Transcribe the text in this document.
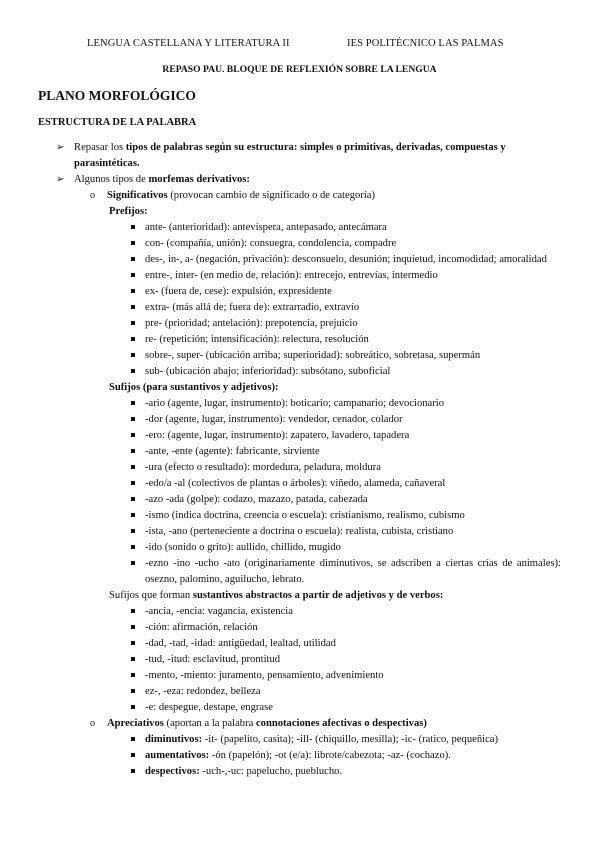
LENGUA CASTELLANA Y LITERATURA II	IES POLITÉCNICO LAS PALMAS
REPASO PAU. BLOQUE DE REFLEXIÓN SOBRE LA LENGUA
PLANO MORFOLÓGICO
ESTRUCTURA DE LA PALABRA
➢ Repasar los tipos de palabras según su estructura: simples o primitivas, derivadas, compuestas y parasintéticas.
➢ Algunos tipos de morfemas derivativos:
o Significativos (provocan cambio de significado o de categoría)
Prefijos:
ante- (anterioridad): antevíspera, antepasado, antecámara
con- (compañía, unión): consuegra, condolencia, compadre
des-, in-, a- (negación, privación): desconsuelo, desunión; inquietud, incomodidad; amoralidad
entre-, inter- (en medio de, relación): entrecejo, entrevías, intermedio
ex- (fuera de, cese): expulsión, expresidente
extra- (más allá de; fuera de): extrarradio, extravío
pre- (prioridad; antelación): prepotencia, prejuicio
re- (repetición; intensificación): relectura, resolución
sobre-, super- (ubicación arriba; superioridad): sobreático, sobretasa, supermán
sub- (ubicación abajo; inferioridad): subsótano, suboficial
Sufijos (para sustantivos y adjetivos):
-ario (agente, lugar, instrumento): boticario; campanario; devocionario
-dor (agente, lugar, instrumento): vendedor, cenador, colador
-ero: (agente, lugar, instrumento): zapatero, lavadero, tapadera
-ante, -ente (agente): fabricante, sirviente
-ura (efecto o resultado): mordedura, peladura, moldura
-edo/a -al (colectivos de plantas o árboles): viñedo, alameda, cañaveral
-azo -ada (golpe): codazo, mazazo, patada, cabezada
-ismo (indica doctrina, creencia o escuela): cristianismo, realismo, cubismo
-ista, -ano (perteneciente a doctrina o escuela): realista, cubista, cristiano
-ido (sonido o grito): aullido, chillido, mugido
-ezno -ino -ucho -ato (originariamente diminutivos, se adscriben a ciertas crías de animales): osezno, palomino, aguilucho, lebrato.
Sufijos que forman sustantivos abstractos a partir de adjetivos y de verbos:
-ancia, -encia: vagancia, existencia
-ción: afirmación, relación
-dad, -tad, -idad: antigüedad, lealtad, utilidad
-tud, -itud: esclavitud, prontitud
-mento, -miento: juramento, pensamiento, advenimiento
ez-, -eza: redondez, belleza
-e: despegue, destape, engrase
o Apreciativos (aportan a la palabra connotaciones afectivas o despectivas)
diminutivos: -it- (papelito, casita); -ill- (chiquillo, mesilla); -ic- (ratico, pequeñica)
aumentativos: -ón (papelón); -ot (e/a): librote/cabezota; -az- (cochazo).
despectivos: -uch-,-uc: papelucho, pueblucho.
